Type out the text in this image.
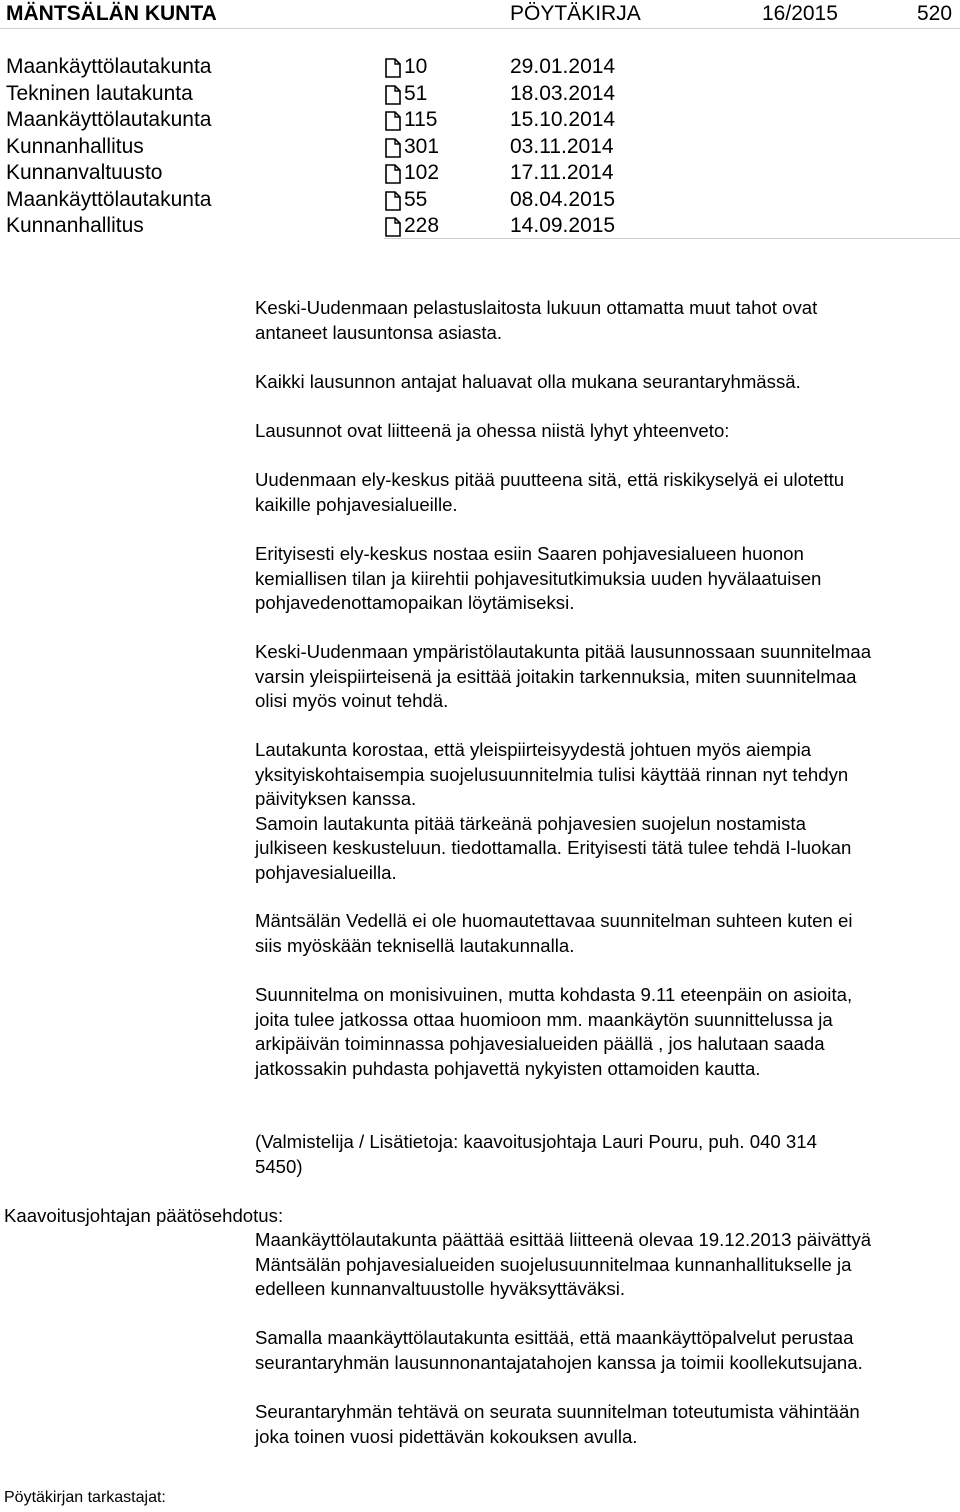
MÄNTSÄLÄN KUNTA	PÖYTÄKIRJA	16/2015	520
Maankäyttölautakunta	10	29.01.2014
Tekninen lautakunta	51	18.03.2014
Maankäyttölautakunta	115	15.10.2014
Kunnanhallitus	301	03.11.2014
Kunnanvaltuusto	102	17.11.2014
Maankäyttölautakunta	55	08.04.2015
Kunnanhallitus	228	14.09.2015
Keski-Uudenmaan pelastuslaitosta lukuun ottamatta muut tahot ovat
antaneet lausuntonsa asiasta.
Kaikki lausunnon antajat haluavat olla mukana seurantaryhmässä.
Lausunnot ovat liitteenä ja ohessa niistä lyhyt yhteenveto:
Uudenmaan ely-keskus pitää puutteena sitä, että riskikyselyä ei ulotettu
kaikille pohjavesialueille.
Erityisesti ely-keskus nostaa esiin Saaren pohjavesialueen huonon
kemiallisen tilan ja kiirehtii pohjavesitutkimuksia uuden hyvälaatuisen
pohjavedenottamopaikan löytämiseksi.
Keski-Uudenmaan ympäristölautakunta pitää lausunnossaan suunnitelmaa
varsin yleispiirteisenä ja esittää joitakin tarkennuksia, miten suunnitelmaa
olisi myös voinut tehdä.
Lautakunta korostaa, että yleispiirteisyydestä johtuen myös aiempia
yksityiskohtaisempia suojelusuunnitelmia tulisi käyttää rinnan nyt tehdyn
päivityksen kanssa.
Samoin lautakunta pitää tärkeänä pohjavesien suojelun nostamista
julkiseen keskusteluun. tiedottamalla. Erityisesti tätä tulee tehdä I-luokan
pohjavesialueilla.
Mäntsälän Vedellä ei ole huomautettavaa suunnitelman suhteen kuten ei
siis myöskään teknisellä lautakunnalla.
Suunnitelma on monisivuinen, mutta kohdasta 9.11 eteenpäin on asioita,
joita tulee jatkossa ottaa huomioon mm. maankäytön suunnittelussa ja
arkipäivän toiminnassa pohjavesialueiden päällä , jos halutaan saada
jatkossakin puhdasta pohjavettä nykyisten ottamoiden kautta.
(Valmistelija / Lisätietoja: kaavoitusjohtaja Lauri Pouru, puh. 040 314
5450)
Kaavoitusjohtajan päätösehdotus:
Maankäyttölautakunta päättää esittää liitteenä olevaa 19.12.2013 päivättyä
Mäntsälän pohjavesialueiden suojelusuunnitelmaa kunnanhallitukselle ja
edelleen kunnanvaltuustolle hyväksyttäväksi.
Samalla maankäyttölautakunta esittää, että maankäyttöpalvelut perustaa
seurantaryhmän lausunnonantajatahojen kanssa ja toimii koollekutsujana.
Seurantaryhmän tehtävä on seurata suunnitelman toteutumista vähintään
joka toinen vuosi pidettävän kokouksen avulla.
Pöytäkirjan tarkastajat:
